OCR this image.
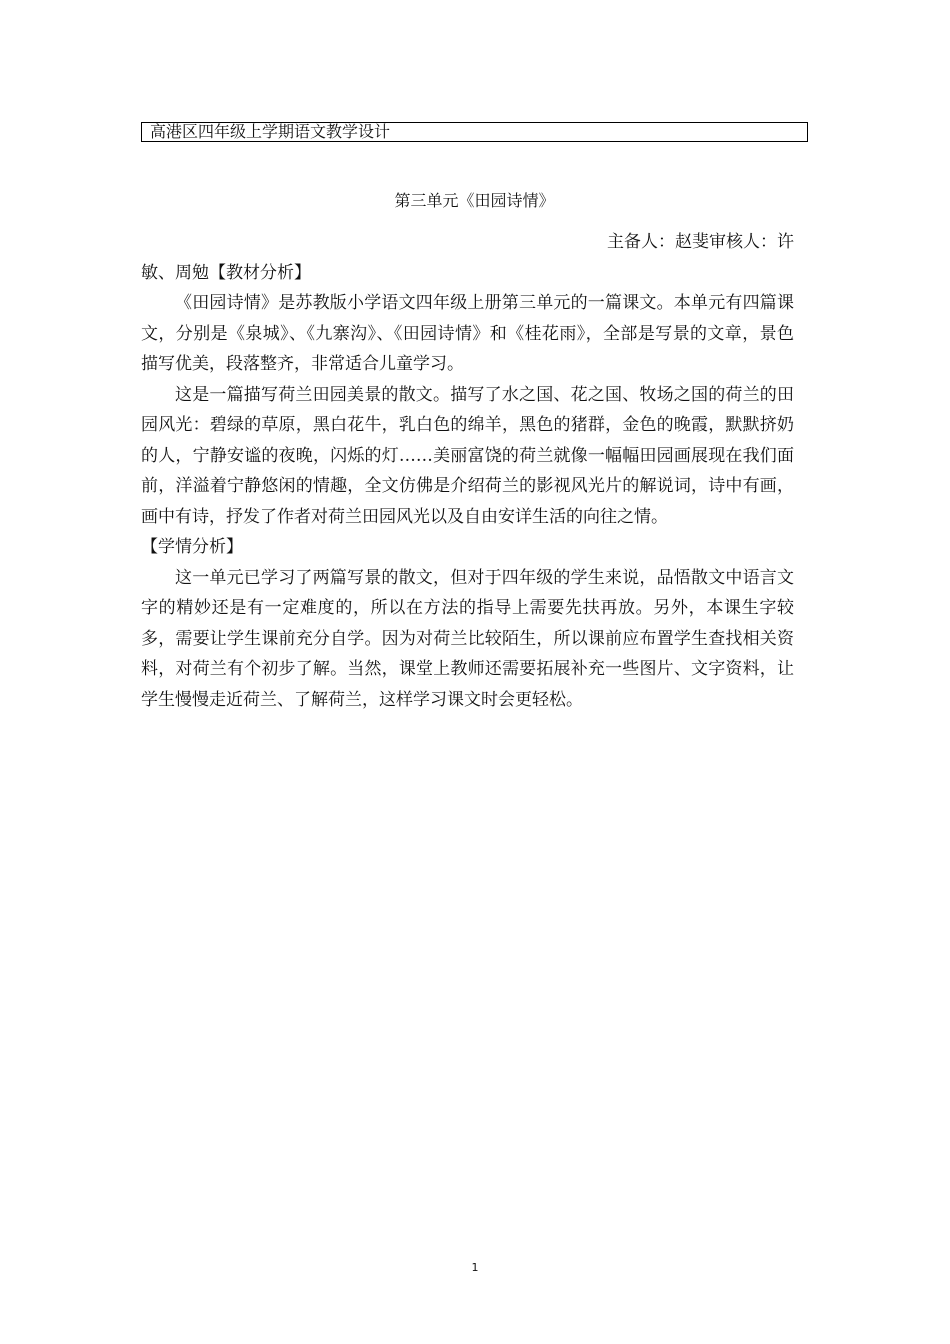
高港区四年级上学期语文教学设计
第三单元《田园诗情》

主备人：赵斐审核人：许

敏、周勉【教材分析】

《田园诗情》是苏教版小学语文四年级上册第三单元的一篇课文。本单元有四篇课文，分别是《泉城》、《九寨沟》、《田园诗情》和《桂花雨》，全部是写景的文章，景色描写优美，段落整齐，非常适合儿童学习。

这是一篇描写荷兰田园美景的散文。描写了水之国、花之国、牧场之国的荷兰的田园风光：碧绿的草原，黑白花牛，乳白色的绵羊，黑色的猪群，金色的晚霞，默默挤奶的人，宁静安谧的夜晚，闪烁的灯……美丽富饶的荷兰就像一幅幅田园画展现在我们面前，洋溢着宁静悠闲的情趣，全文仿佛是介绍荷兰的影视风光片的解说词，诗中有画，画中有诗，抒发了作者对荷兰田园风光以及自由安详生活的向往之情。

【学情分析】

这一单元已学习了两篇写景的散文，但对于四年级的学生来说，品悟散文中语言文字的精妙还是有一定难度的，所以在方法的指导上需要先扶再放。另外，本课生字较多，需要让学生课前充分自学。因为对荷兰比较陌生，所以课前应布置学生查找相关资料，对荷兰有个初步了解。当然，课堂上教师还需要拓展补充一些图片、文字资料，让学生慢慢走近荷兰、了解荷兰，这样学习课文时会更轻松。

1
